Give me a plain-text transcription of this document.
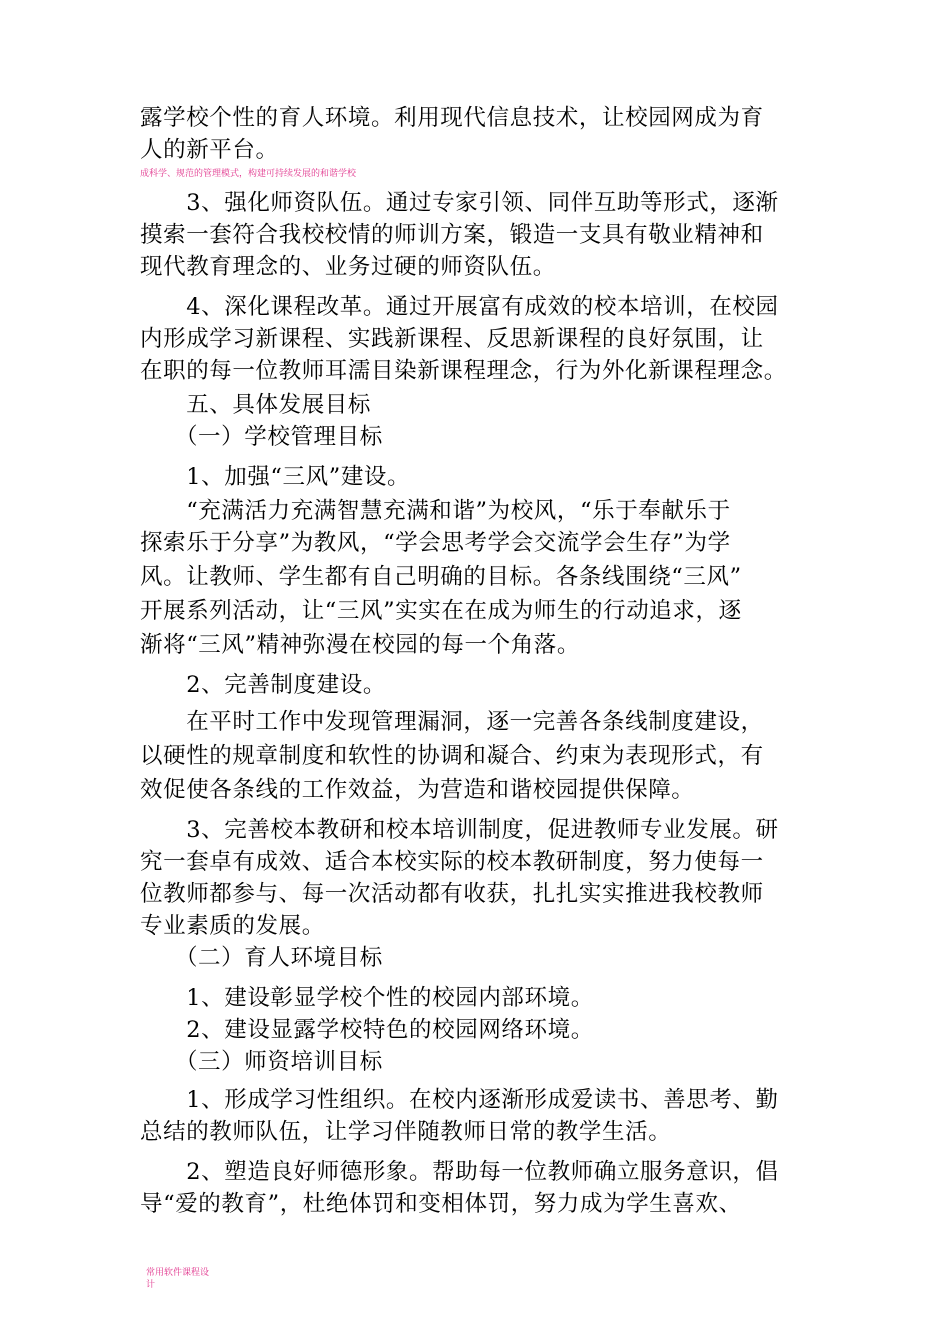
露学校个性的育人环境。利用现代信息技术，让校园网成为育
人的新平台。
成科学、规范的管理模式，构建可持续发展的和谐学校
　　3、强化师资队伍。通过专家引领、同伴互助等形式，逐渐
摸索一套符合我校校情的师训方案，锻造一支具有敬业精神和
现代教育理念的、业务过硬的师资队伍。
　　4、深化课程改革。通过开展富有成效的校本培训，在校园
内形成学习新课程、实践新课程、反思新课程的良好氛围，让
在职的每一位教师耳濡目染新课程理念，行为外化新课程理念。
　　五、具体发展目标
　　（一）学校管理目标
　　1、加强“三风”建设。
　　“充满活力充满智慧充满和谐”为校风，“乐于奉献乐于
探索乐于分享”为教风，“学会思考学会交流学会生存”为学
风。让教师、学生都有自己明确的目标。各条线围绕“三风”
开展系列活动，让“三风”实实在在成为师生的行动追求，逐
渐将“三风”精神弥漫在校园的每一个角落。
　　2、完善制度建设。
　　在平时工作中发现管理漏洞，逐一完善各条线制度建设，
以硬性的规章制度和软性的协调和凝合、约束为表现形式，有
效促使各条线的工作效益，为营造和谐校园提供保障。
　　3、完善校本教研和校本培训制度，促进教师专业发展。研
究一套卓有成效、适合本校实际的校本教研制度，努力使每一
位教师都参与、每一次活动都有收获，扎扎实实推进我校教师
专业素质的发展。
　　（二）育人环境目标
　　1、建设彰显学校个性的校园内部环境。
　　2、建设显露学校特色的校园网络环境。
　　（三）师资培训目标
　　1、形成学习性组织。在校内逐渐形成爱读书、善思考、勤
总结的教师队伍，让学习伴随教师日常的教学生活。
　　2、塑造良好师德形象。帮助每一位教师确立服务意识，倡
导“爱的教育”，杜绝体罚和变相体罚，努力成为学生喜欢、
常用软件课程设
计
